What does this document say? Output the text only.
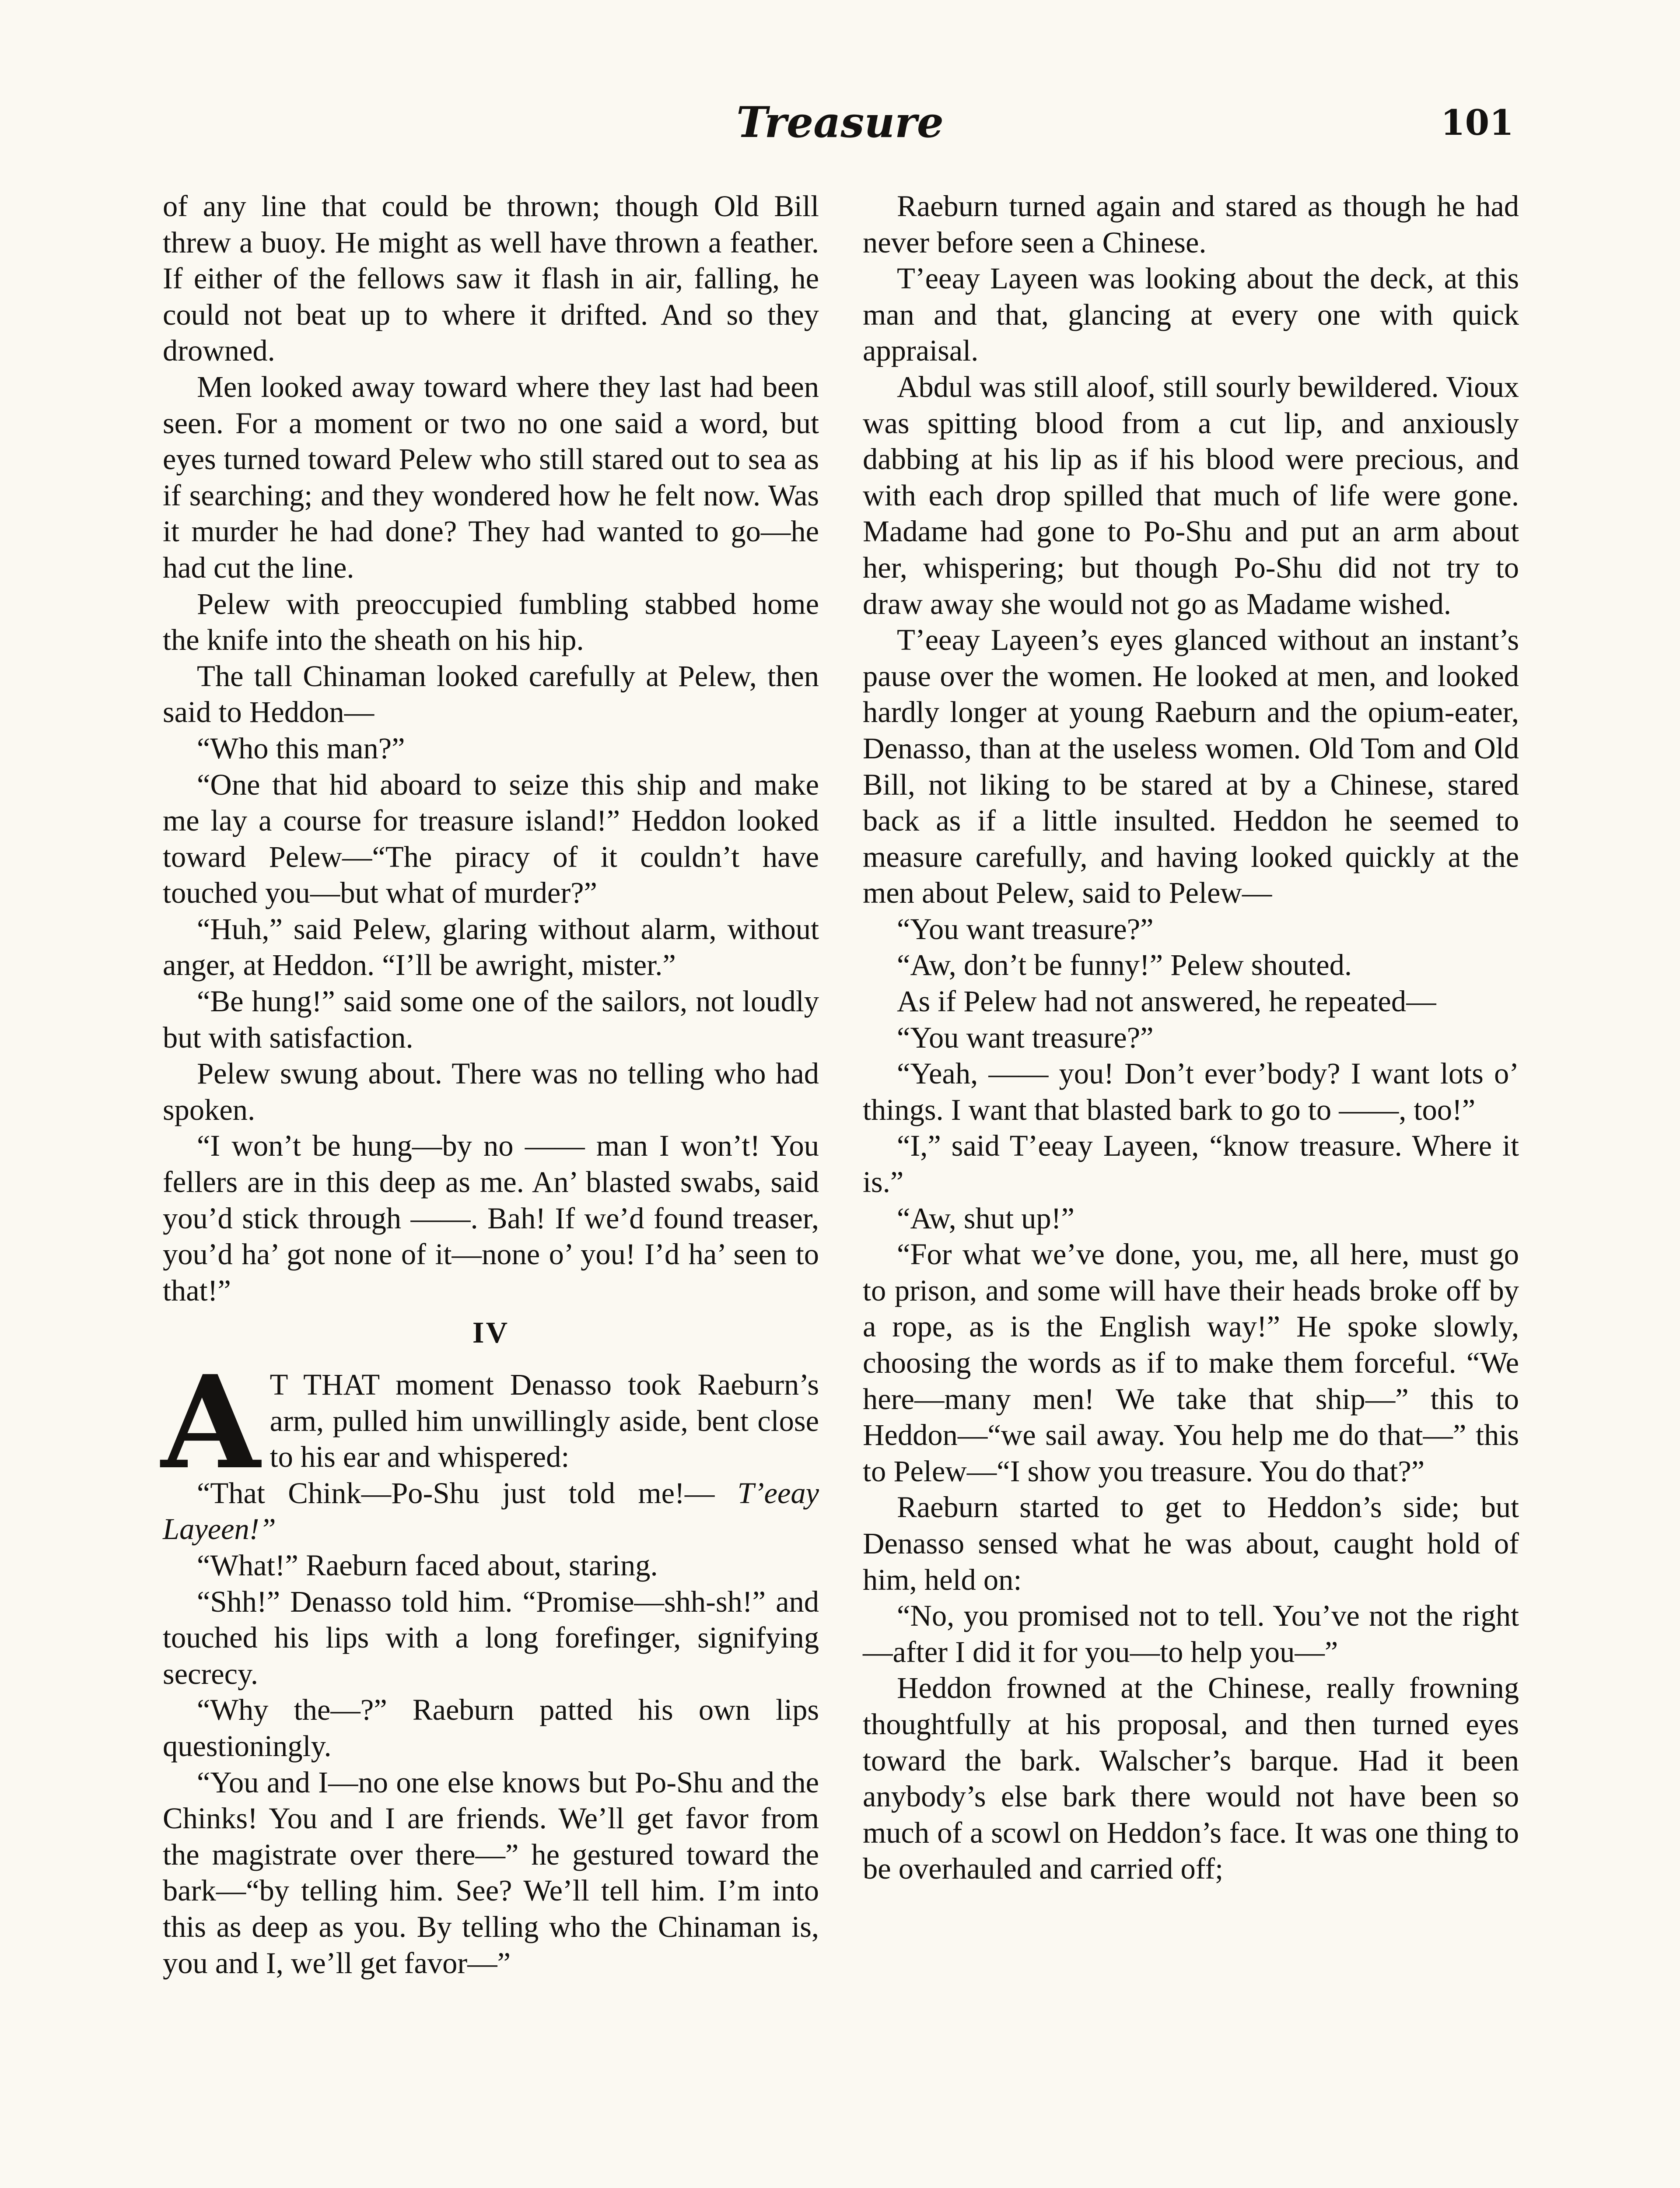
Treasure	101

of any line that could be thrown; though Old Bill threw a buoy. He might as well have thrown a feather. If either of the fellows saw it flash in air, falling, he could not beat up to where it drifted. And so they drowned.

Men looked away toward where they last had been seen. For a moment or two no one said a word, but eyes turned toward Pelew who still stared out to sea as if searching; and they wondered how he felt now. Was it murder he had done? They had wanted to go—he had cut the line.

Pelew with preoccupied fumbling stabbed home the knife into the sheath on his hip.

The tall Chinaman looked carefully at Pelew, then said to Heddon—

“Who this man?”

“One that hid aboard to seize this ship and make me lay a course for treasure island!” Heddon looked toward Pelew—“The piracy of it couldn’t have touched you—but what of murder?”

“Huh,” said Pelew, glaring without alarm, without anger, at Heddon. “I’ll be awright, mister.”

“Be hung!” said some one of the sailors, not loudly but with satisfaction.

Pelew swung about. There was no telling who had spoken.

“I won’t be hung—by no —— man I won’t! You fellers are in this deep as me. An’ blasted swabs, said you’d stick through ——. Bah! If we’d found treaser, you’d ha’ got none of it—none o’ you! I’d ha’ seen to that!”

IV

A T THAT moment Denasso took Raeburn’s arm, pulled him unwillingly aside, bent close to his ear and whispered:

“That Chink—Po-Shu just told me!— T’eeay Layeen!”

“What!” Raeburn faced about, staring.

“Shh!” Denasso told him. “Promise—shh-sh!” and touched his lips with a long forefinger, signifying secrecy.

“Why the—?” Raeburn patted his own lips questioningly.

“You and I—no one else knows but Po-Shu and the Chinks! You and I are friends. We’ll get favor from the magistrate over there—” he gestured toward the bark—“by telling him. See? We’ll tell him. I’m into this as deep as you. By telling who the Chinaman is, you and I, we’ll get favor—”

Raeburn turned again and stared as though he had never before seen a Chinese.

T’eeay Layeen was looking about the deck, at this man and that, glancing at every one with quick appraisal.

Abdul was still aloof, still sourly bewildered. Vioux was spitting blood from a cut lip, and anxiously dabbing at his lip as if his blood were precious, and with each drop spilled that much of life were gone. Madame had gone to Po-Shu and put an arm about her, whispering; but though Po-Shu did not try to draw away she would not go as Madame wished.

T’eeay Layeen’s eyes glanced without an instant’s pause over the women. He looked at men, and looked hardly longer at young Raeburn and the opium-eater, Denasso, than at the useless women. Old Tom and Old Bill, not liking to be stared at by a Chinese, stared back as if a little insulted. Heddon he seemed to measure carefully, and having looked quickly at the men about Pelew, said to Pelew—

“You want treasure?”

“Aw, don’t be funny!” Pelew shouted.

As if Pelew had not answered, he repeated—

“You want treasure?”

“Yeah, —— you! Don’t ever’body? I want lots o’ things. I want that blasted bark to go to ——, too!”

“I,” said T’eeay Layeen, “know treasure. Where it is.”

“Aw, shut up!”

“For what we’ve done, you, me, all here, must go to prison, and some will have their heads broke off by a rope, as is the English way!” He spoke slowly, choosing the words as if to make them forceful. “We here—many men! We take that ship—” this to Heddon—“we sail away. You help me do that—” this to Pelew—“I show you treasure. You do that?”

Raeburn started to get to Heddon’s side; but Denasso sensed what he was about, caught hold of him, held on:

“No, you promised not to tell. You’ve not the right—after I did it for you—to help you—”

Heddon frowned at the Chinese, really frowning thoughtfully at his proposal, and then turned eyes toward the bark. Walscher’s barque. Had it been anybody’s else bark there would not have been so much of a scowl on Heddon’s face. It was one thing to be overhauled and carried off;
